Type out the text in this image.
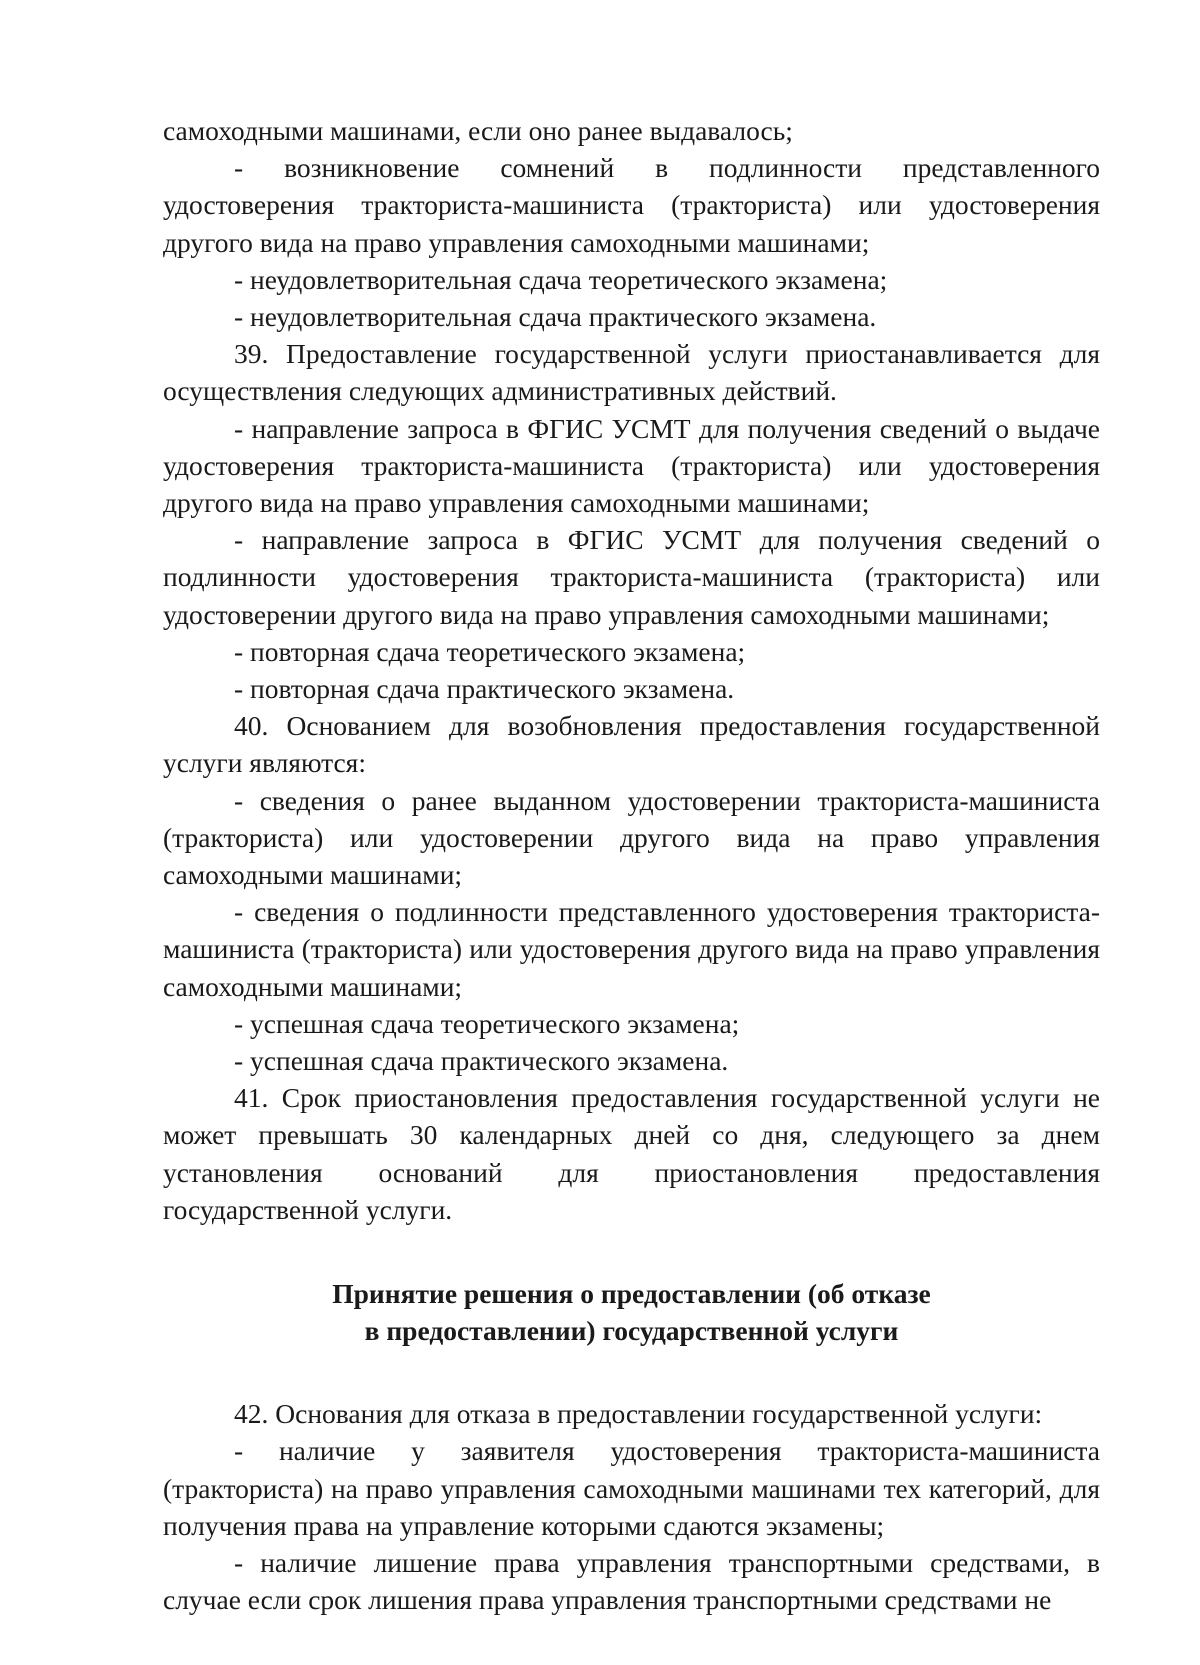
самоходными машинами, если оно ранее выдавалось;

- возникновение сомнений в подлинности представленного удостоверения тракториста-машиниста (тракториста) или удостоверения другого вида на право управления самоходными машинами;

- неудовлетворительная сдача теоретического экзамена;

- неудовлетворительная сдача практического экзамена.

39. Предоставление государственной услуги приостанавливается для осуществления следующих административных действий.

- направление запроса в ФГИС УСМТ для получения сведений о выдаче удостоверения тракториста-машиниста (тракториста) или удостоверения другого вида на право управления самоходными машинами;

- направление запроса в ФГИС УСМТ для получения сведений о подлинности удостоверения тракториста-машиниста (тракториста) или удостоверении другого вида на право управления самоходными машинами;

- повторная сдача теоретического экзамена;

- повторная сдача практического экзамена.

40. Основанием для возобновления предоставления государственной услуги являются:

- сведения о ранее выданном удостоверении тракториста-машиниста (тракториста) или удостоверении другого вида на право управления самоходными машинами;

- сведения о подлинности представленного удостоверения тракториста-машиниста (тракториста) или удостоверения другого вида на право управления самоходными машинами;

- успешная сдача теоретического экзамена;

- успешная сдача практического экзамена.

41. Срок приостановления предоставления государственной услуги не может превышать 30 календарных дней со дня, следующего за днем установления оснований для приостановления предоставления государственной услуги.

Принятие решения о предоставлении (об отказе
в предоставлении) государственной услуги

42. Основания для отказа в предоставлении государственной услуги:

- наличие у заявителя удостоверения тракториста-машиниста (тракториста) на право управления самоходными машинами тех категорий, для получения права на управление которыми сдаются экзамены;

- наличие лишение права управления транспортными средствами, в случае если срок лишения права управления транспортными средствами не
